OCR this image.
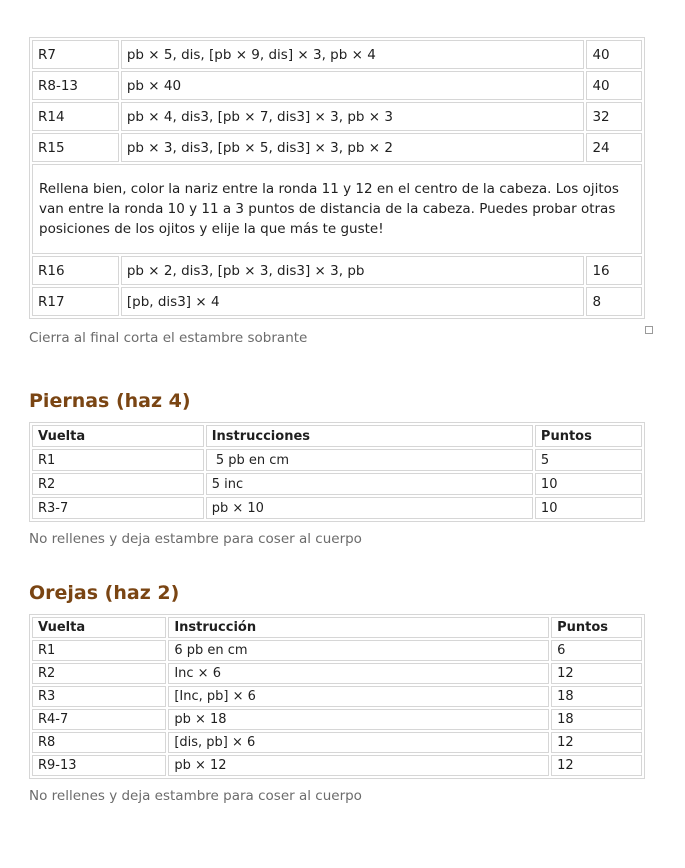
R7	pb × 5, dis, [pb × 9, dis] × 3, pb × 4	40
R8-13	pb × 40	40
R14	pb × 4, dis3, [pb × 7, dis3] × 3, pb × 3	32
R15	pb × 3, dis3, [pb × 5, dis3] × 3, pb × 2	24
Rellena bien, color la nariz entre la ronda 11 y 12 en el centro de la cabeza. Los ojitos van entre la ronda 10 y 11 a 3 puntos de distancia de la cabeza. Puedes probar otras posiciones de los ojitos y elije la que más te guste!		
R16	pb × 2, dis3, [pb × 3, dis3] × 3, pb	16
R17	[pb, dis3] × 4	8

Cierra al final corta el estambre sobrante

Piernas (haz 4)
Vuelta	Instrucciones	Puntos
R1	5 pb en cm	5
R2	5 inc	10
R3-7	pb × 10	10

No rellenes y deja estambre para coser al cuerpo

Orejas (haz 2)
Vuelta	Instrucción	Puntos
R1	6 pb en cm	6
R2	Inc × 6	12
R3	[Inc, pb] × 6	18
R4-7	pb × 18	18
R8	[dis, pb] × 6	12
R9-13	pb × 12	12

No rellenes y deja estambre para coser al cuerpo
